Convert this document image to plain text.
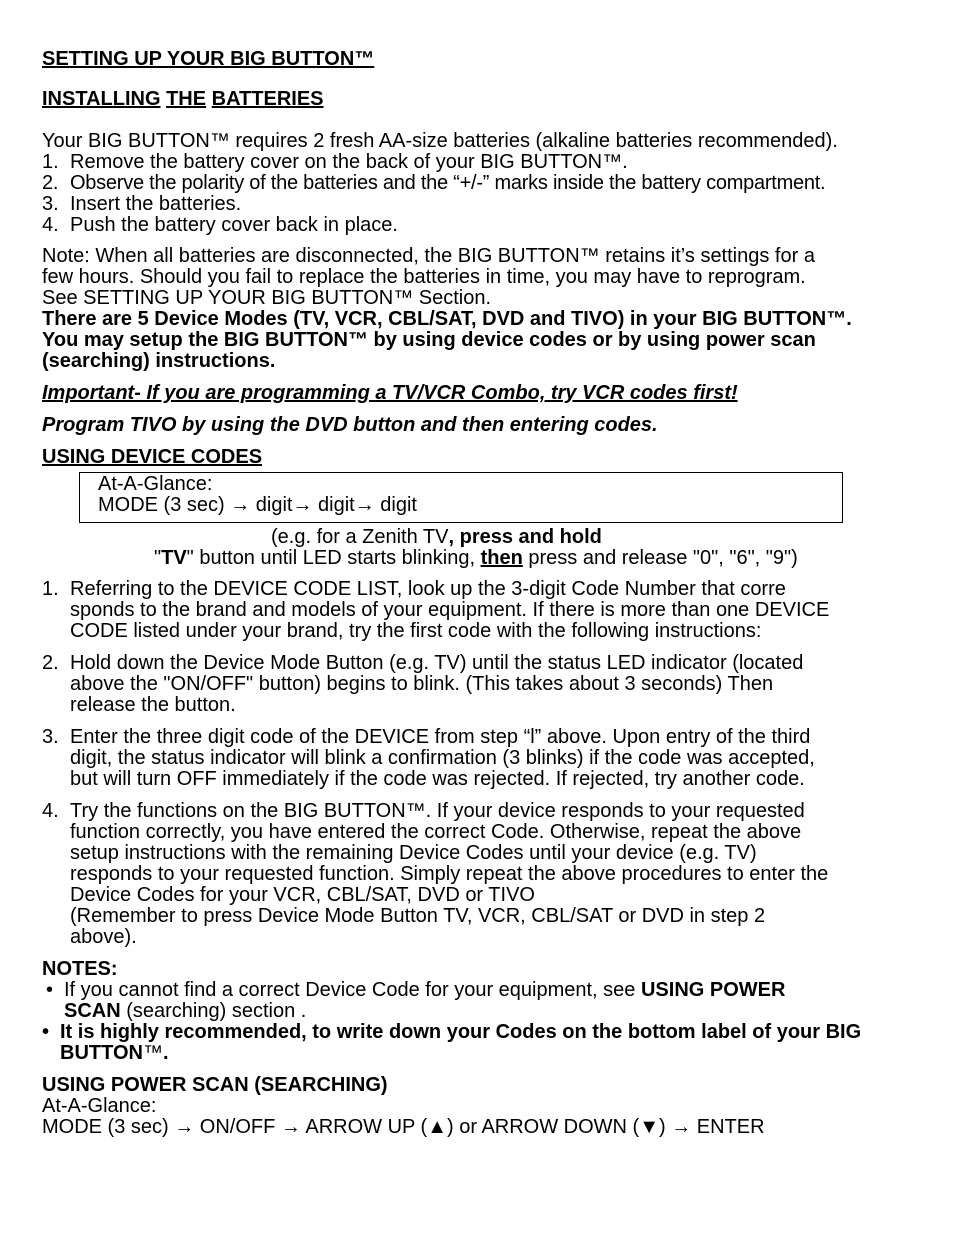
SETTING UP YOUR BIG BUTTON™

INSTALLING THE BATTERIES

Your BIG BUTTON™ requires 2 fresh AA-size batteries (alkaline batteries recommended).

1. Remove the battery cover on the back of your BIG BUTTON™.
2. Observe the polarity of the batteries and the “+/-” marks inside the battery compartment.
3. Insert the batteries.
4. Push the battery cover back in place.

Note: When all batteries are disconnected, the BIG BUTTON™ retains it’s settings for a

few hours. Should you fail to replace the batteries in time, you may have to reprogram.

See SETTING UP YOUR BIG BUTTON™ Section.

There are 5 Device Modes (TV, VCR, CBL/SAT, DVD and TIVO) in your BIG BUTTON™.

You may setup the BIG BUTTON™ by using device codes or by using power scan

(searching) instructions.

Important- If you are programming a TV/VCR Combo, try VCR codes first!

Program TIVO by using the DVD button and then entering codes.

USING DEVICE CODES

At-A-Glance:

MODE (3 sec) → digit→ digit→ digit

(e.g. for a Zenith TV, press and hold

"TV" button until LED starts blinking, then press and release "0", "6", "9")

1. Referring to the DEVICE CODE LIST, look up the 3-digit Code Number that corre

sponds to the brand and models of your equipment. If there is more than one DEVICE

CODE listed under your brand, try the first code with the following instructions:

2. Hold down the Device Mode Button (e.g. TV) until the status LED indicator (located

above the "ON/OFF" button) begins to blink. (This takes about 3 seconds) Then

release the button.

3. Enter the three digit code of the DEVICE from step “l” above. Upon entry of the third

digit, the status indicator will blink a confirmation (3 blinks) if the code was accepted,

but will turn OFF immediately if the code was rejected. If rejected, try another code.

4. Try the functions on the BIG BUTTON™. If your device responds to your requested

function correctly, you have entered the correct Code. Otherwise, repeat the above

setup instructions with the remaining Device Codes until your device (e.g. TV)

responds to your requested function. Simply repeat the above procedures to enter the

Device Codes for your VCR, CBL/SAT, DVD or TIVO

(Remember to press Device Mode Button TV, VCR, CBL/SAT or DVD in step 2

above).

NOTES:

• If you cannot find a correct Device Code for your equipment, see USING POWER

SCAN (searching) section .

• It is highly recommended, to write down your Codes on the bottom label of your BIG

BUTTON™.

USING POWER SCAN (SEARCHING)

At-A-Glance:

MODE (3 sec) → ON/OFF → ARROW UP (▲) or ARROW DOWN (▼) → ENTER
